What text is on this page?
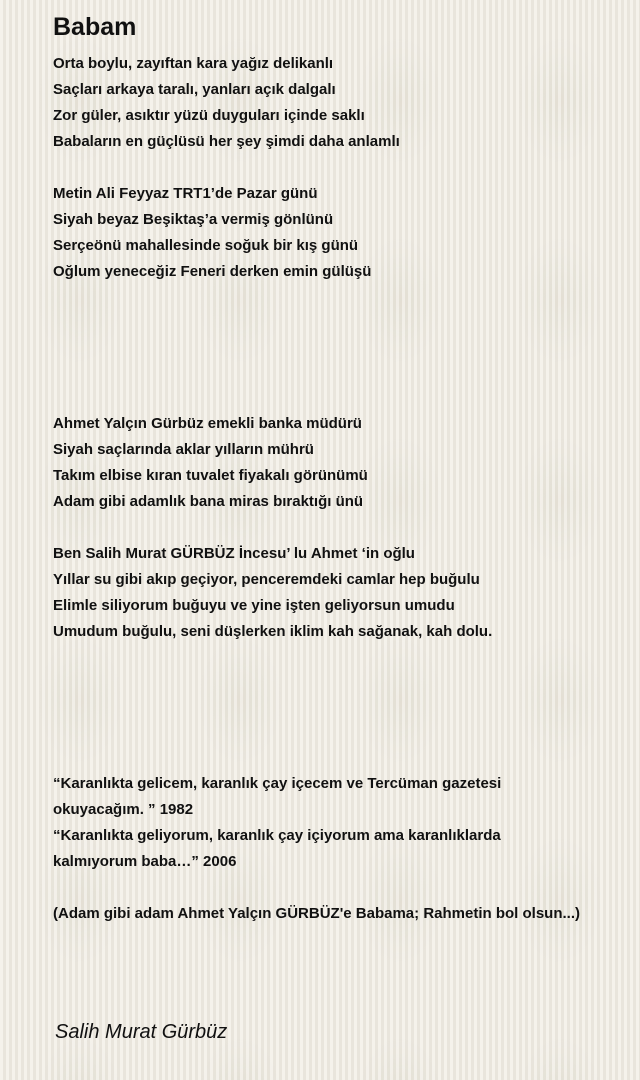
Babam
Orta boylu, zayıftan kara yağız delikanlı
Saçları arkaya taralı, yanları açık dalgalı
Zor güler, asıktır yüzü duyguları içinde saklı
Babaların en güçlüsü her şey şimdi daha anlamlı
Metin Ali Feyyaz TRT1’de Pazar günü
Siyah beyaz Beşiktaş’a vermiş gönlünü
Serçeönü mahallesinde soğuk bir kış günü
Oğlum yeneceğiz Feneri derken emin gülüşü
Ahmet Yalçın Gürbüz emekli banka müdürü
Siyah saçlarında aklar yılların mührü
Takım elbise kıran tuvalet fiyakalı görünümü
Adam gibi adamlık bana miras bıraktığı ünü
Ben Salih Murat GÜRBÜZ İncesu’ lu Ahmet ‘in oğlu
Yıllar su gibi akıp geçiyor, penceremdeki camlar hep buğulu
Elimle siliyorum buğuyu ve yine işten geliyorsun umudu
Umudum buğulu, seni düşlerken iklim kah sağanak, kah dolu.
“Karanlıkta gelicem, karanlık çay içecem ve Tercüman gazetesi
okuyacağım. ” 1982
“Karanlıkta geliyorum, karanlık çay içiyorum ama karanlıklarda
kalmıyorum baba…” 2006
(Adam gibi adam Ahmet Yalçın GÜRBÜZ'e Babama; Rahmetin bol olsun...)
Salih Murat Gürbüz
